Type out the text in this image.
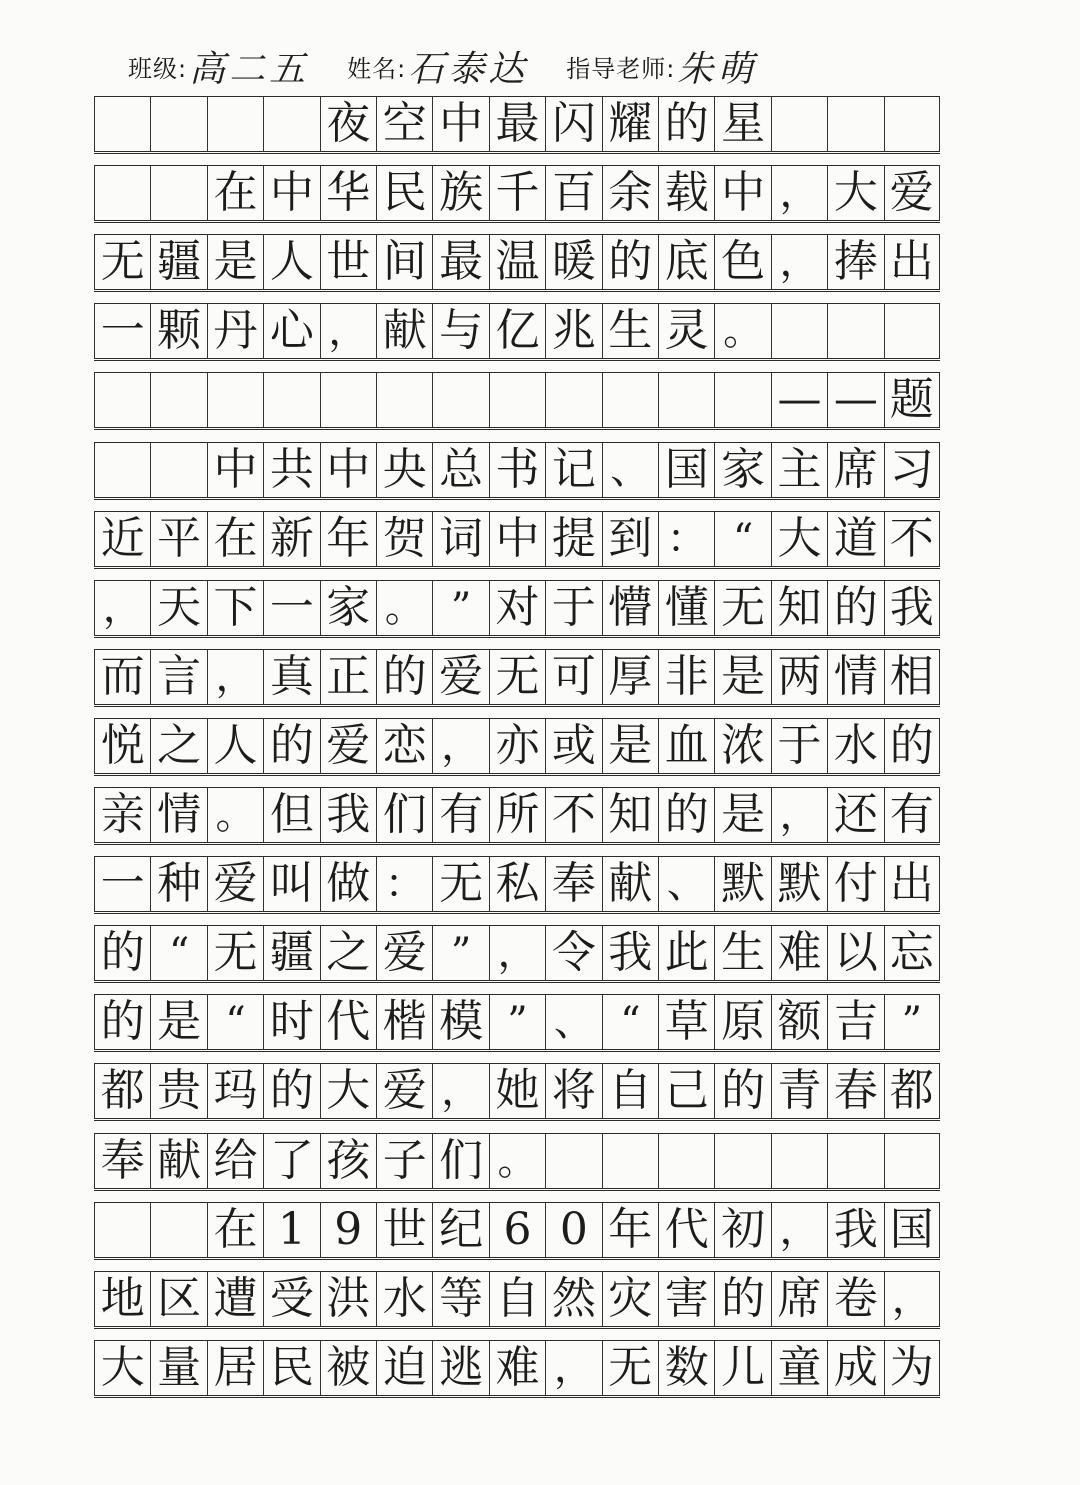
班级: 高二五 姓名: 石泰达 指导老师: 朱萌
夜 空 中 最 闪 耀 的 星
在 中 华 民 族 千 百 余 载 中 ， 大 爱
无 疆 是 人 世 间 最 温 暖 的 底 色 ， 捧 出
一 颗 丹 心 ， 献 与 亿 兆 生 灵 。
— — 题
中 共 中 央 总 书 记 、 国 家 主 席 习
近 平 在 新 年 贺 词 中 提 到 ： “ 大 道 不
， 天 下 一 家 。 ” 对 于 懵 懂 无 知 的 我
而 言 ， 真 正 的 爱 无 可 厚 非 是 两 情 相
悦 之 人 的 爱 恋 ， 亦 或 是 血 浓 于 水 的
亲 情 。 但 我 们 有 所 不 知 的 是 ， 还 有
一 种 爱 叫 做 ： 无 私 奉 献 、 默 默 付 出
的 “ 无 疆 之 爱 ” ， 令 我 此 生 难 以 忘
的 是 “ 时 代 楷 模 ” 、 “ 草 原 额 吉 ”
都 贵 玛 的 大 爱 ， 她 将 自 己 的 青 春 都
奉 献 给 了 孩 子 们 。
在 1 9 世 纪 6 0 年 代 初 ， 我 国
地 区 遭 受 洪 水 等 自 然 灾 害 的 席 卷 ，
大 量 居 民 被 迫 逃 难 ， 无 数 儿 童 成 为
